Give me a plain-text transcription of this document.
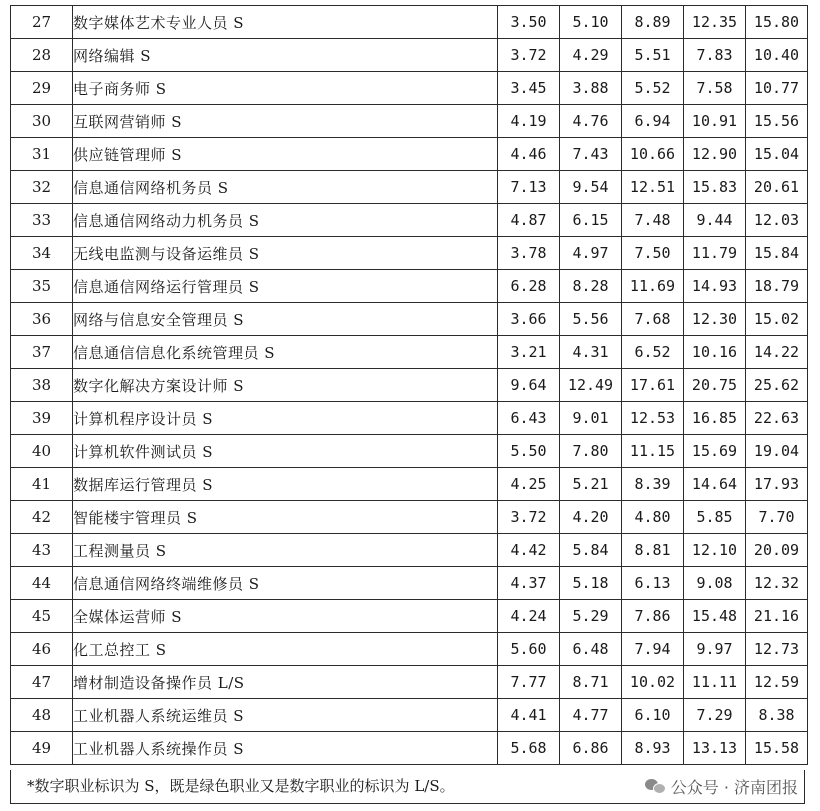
27	数字媒体艺术专业人员 S	3.50	5.10	8.89	12.35	15.80
28	网络编辑 S	3.72	4.29	5.51	7.83	10.40
29	电子商务师 S	3.45	3.88	5.52	7.58	10.77
30	互联网营销师 S	4.19	4.76	6.94	10.91	15.56
31	供应链管理师 S	4.46	7.43	10.66	12.90	15.04
32	信息通信网络机务员 S	7.13	9.54	12.51	15.83	20.61
33	信息通信网络动力机务员 S	4.87	6.15	7.48	9.44	12.03
34	无线电监测与设备运维员 S	3.78	4.97	7.50	11.79	15.84
35	信息通信网络运行管理员 S	6.28	8.28	11.69	14.93	18.79
36	网络与信息安全管理员 S	3.66	5.56	7.68	12.30	15.02
37	信息通信信息化系统管理员 S	3.21	4.31	6.52	10.16	14.22
38	数字化解决方案设计师 S	9.64	12.49	17.61	20.75	25.62
39	计算机程序设计员 S	6.43	9.01	12.53	16.85	22.63
40	计算机软件测试员 S	5.50	7.80	11.15	15.69	19.04
41	数据库运行管理员 S	4.25	5.21	8.39	14.64	17.93
42	智能楼宇管理员 S	3.72	4.20	4.80	5.85	7.70
43	工程测量员 S	4.42	5.84	8.81	12.10	20.09
44	信息通信网络终端维修员 S	4.37	5.18	6.13	9.08	12.32
45	全媒体运营师 S	4.24	5.29	7.86	15.48	21.16
46	化工总控工 S	5.60	6.48	7.94	9.97	12.73
47	增材制造设备操作员 L/S	7.77	8.71	10.02	11.11	12.59
48	工业机器人系统运维员 S	4.41	4.77	6.10	7.29	8.38
49	工业机器人系统操作员 S	5.68	6.86	8.93	13.13	15.58
*数字职业标识为 S，既是绿色职业又是数字职业的标识为 L/S。	公众号 · 济南团报
